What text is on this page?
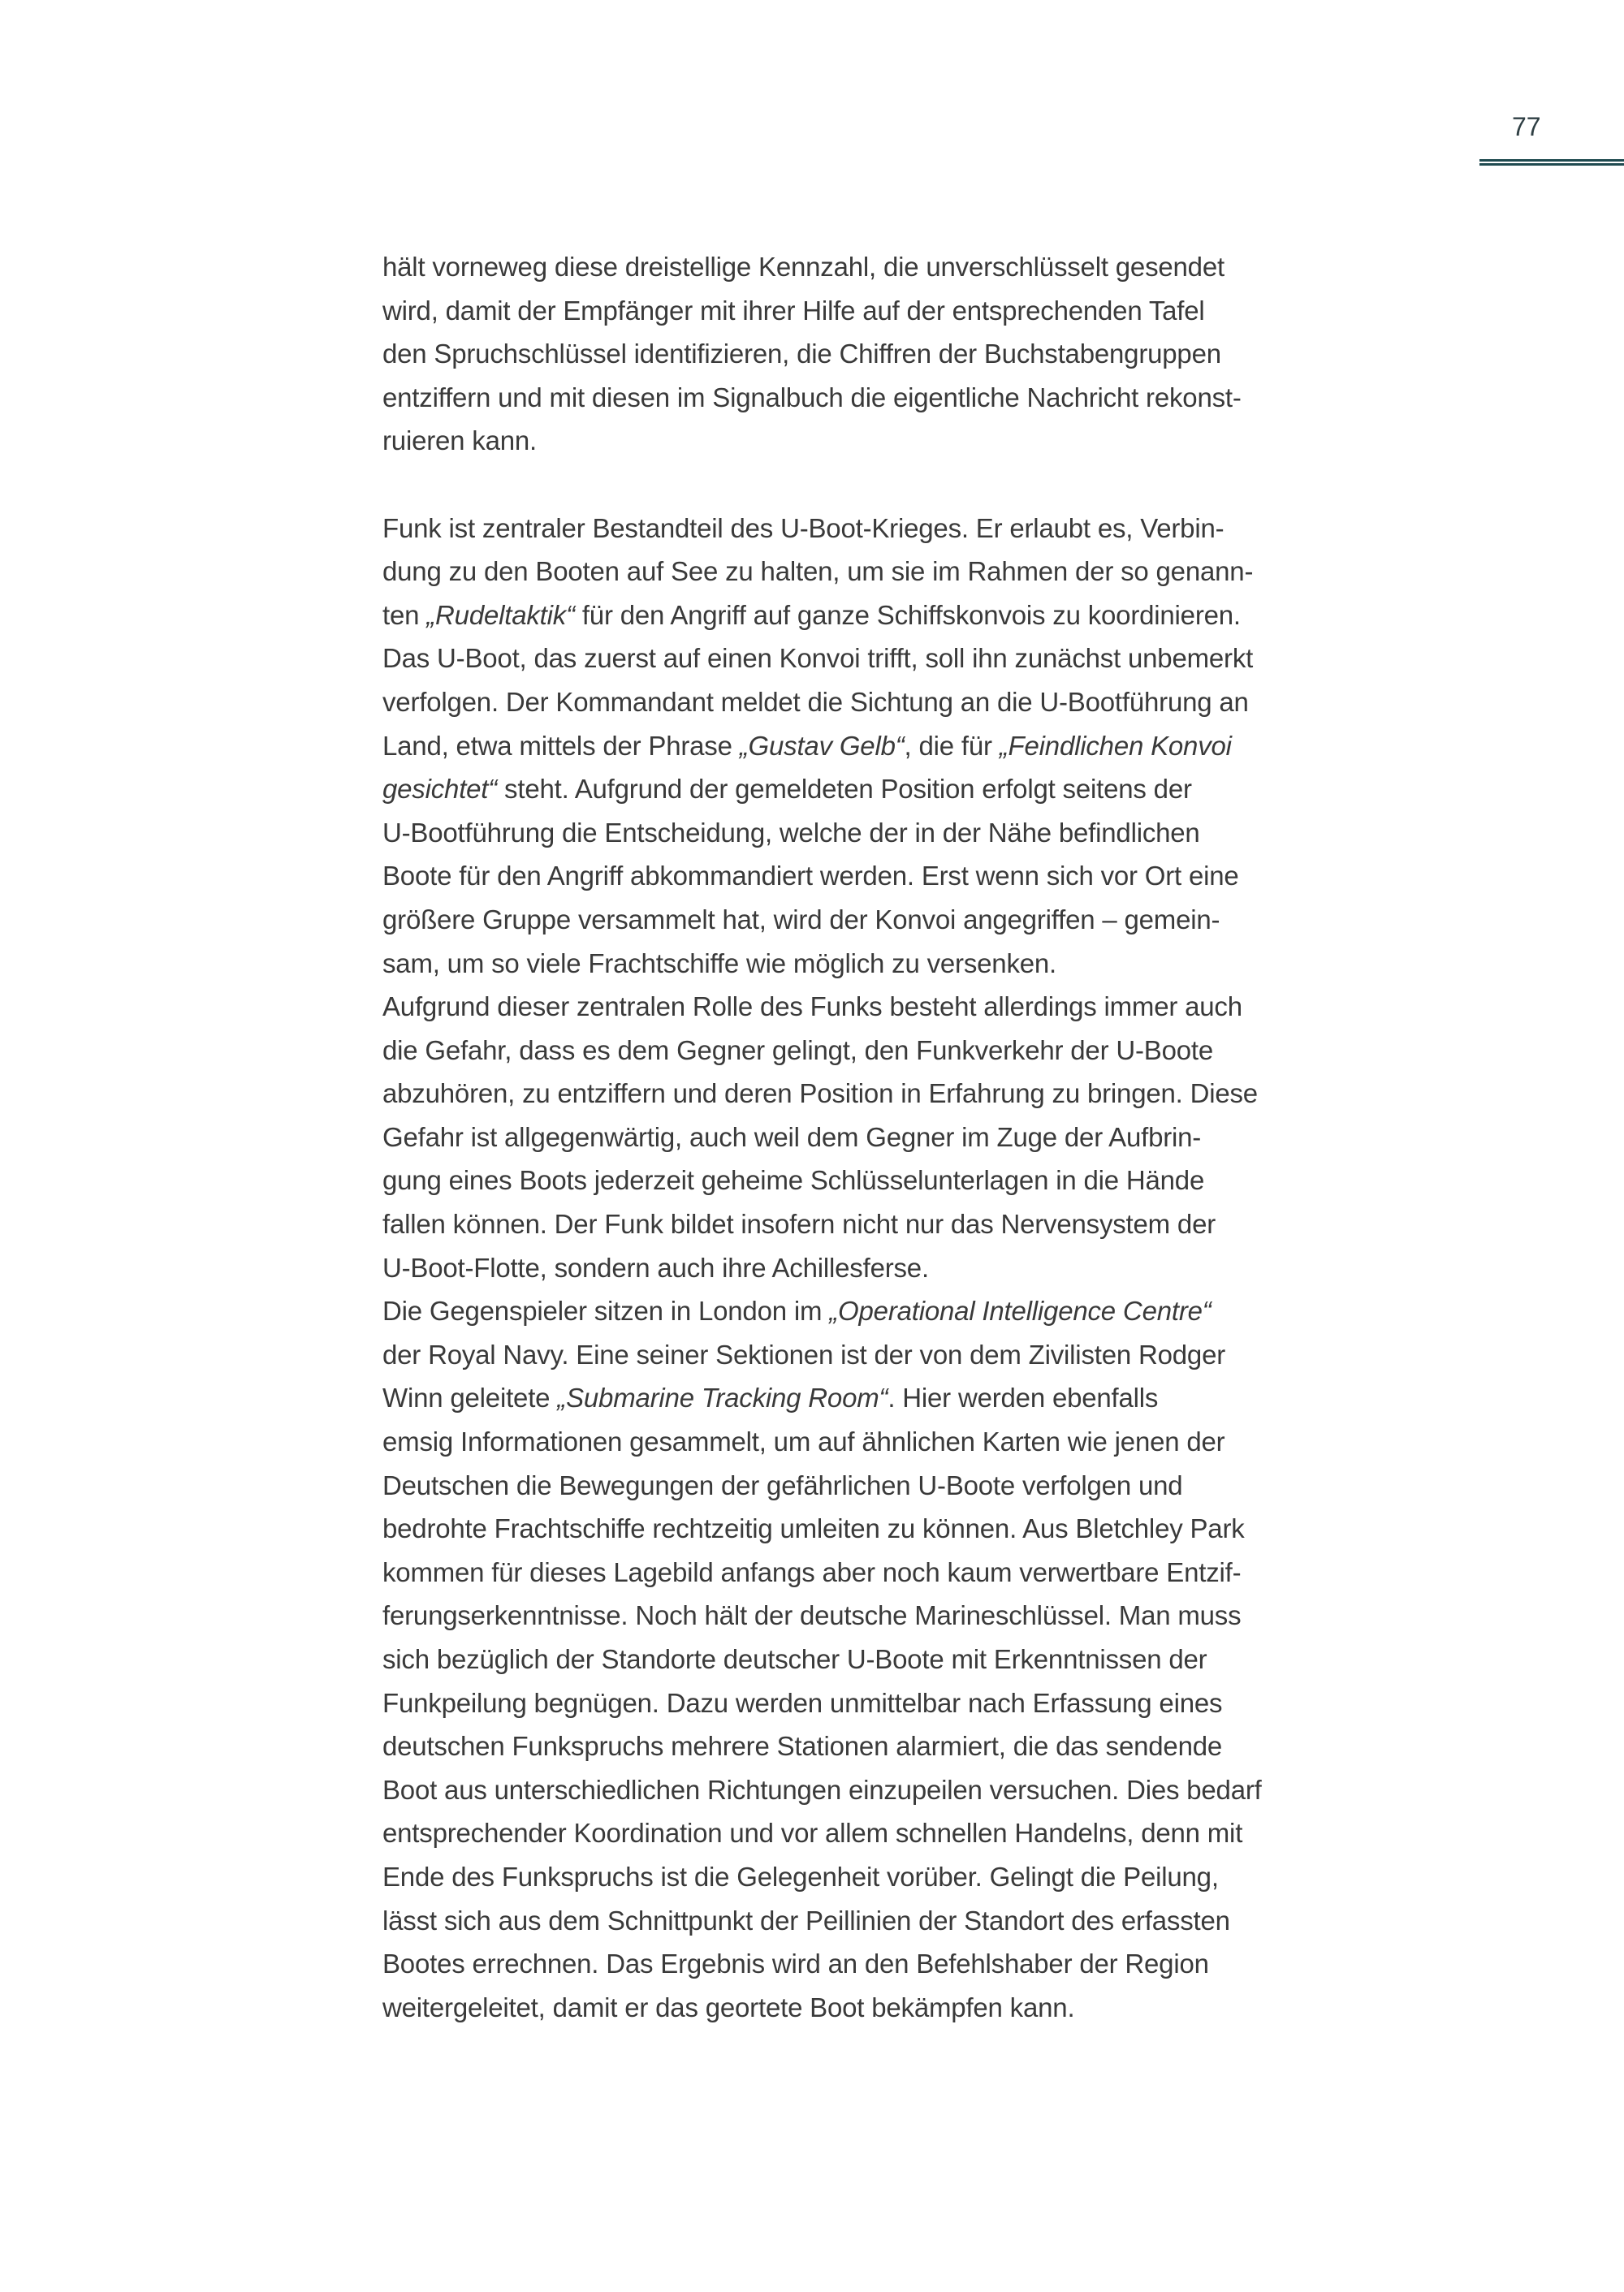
77
hält vorneweg diese dreistellige Kennzahl, die unverschlüsselt gesendet
wird, damit der Empfänger mit ihrer Hilfe auf der entsprechenden Tafel
den Spruchschlüssel identifizieren, die Chiffren der Buchstabengruppen
entziffern und mit diesen im Signalbuch die eigentliche Nachricht rekonst-
ruieren kann.
Funk ist zentraler Bestandteil des U-Boot-Krieges. Er erlaubt es, Verbin-
dung zu den Booten auf See zu halten, um sie im Rahmen der so genann-
ten „Rudeltaktik“ für den Angriff auf ganze Schiffskonvois zu koordinieren.
Das U-Boot, das zuerst auf einen Konvoi trifft, soll ihn zunächst unbemerkt
verfolgen. Der Kommandant meldet die Sichtung an die U-Bootführung an
Land, etwa mittels der Phrase „Gustav Gelb“, die für „Feindlichen Konvoi
gesichtet“ steht. Aufgrund der gemeldeten Position erfolgt seitens der
U-Bootführung die Entscheidung, welche der in der Nähe befindlichen
Boote für den Angriff abkommandiert werden. Erst wenn sich vor Ort eine
größere Gruppe versammelt hat, wird der Konvoi angegriffen – gemein-
sam, um so viele Frachtschiffe wie möglich zu versenken.
Aufgrund dieser zentralen Rolle des Funks besteht allerdings immer auch
die Gefahr, dass es dem Gegner gelingt, den Funkverkehr der U-Boote
abzuhören, zu entziffern und deren Position in Erfahrung zu bringen. Diese
Gefahr ist allgegenwärtig, auch weil dem Gegner im Zuge der Aufbrin-
gung eines Boots jederzeit geheime Schlüsselunterlagen in die Hände
fallen können. Der Funk bildet insofern nicht nur das Nervensystem der
U-Boot-Flotte, sondern auch ihre Achillesferse.
Die Gegenspieler sitzen in London im „Operational Intelligence Centre“
der Royal Navy. Eine seiner Sektionen ist der von dem Zivilisten Rodger
Winn geleitete „Submarine Tracking Room“. Hier werden ebenfalls
emsig Informationen gesammelt, um auf ähnlichen Karten wie jenen der
Deutschen die Bewegungen der gefährlichen U-Boote verfolgen und
bedrohte Frachtschiffe rechtzeitig umleiten zu können. Aus Bletchley Park
kommen für dieses Lagebild anfangs aber noch kaum verwertbare Entzif-
ferungserkenntnisse. Noch hält der deutsche Marineschlüssel. Man muss
sich bezüglich der Standorte deutscher U-Boote mit Erkenntnissen der
Funkpeilung begnügen. Dazu werden unmittelbar nach Erfassung eines
deutschen Funkspruchs mehrere Stationen alarmiert, die das sendende
Boot aus unterschiedlichen Richtungen einzupeilen versuchen. Dies bedarf
entsprechender Koordination und vor allem schnellen Handelns, denn mit
Ende des Funkspruchs ist die Gelegenheit vorüber. Gelingt die Peilung,
lässt sich aus dem Schnittpunkt der Peillinien der Standort des erfassten
Bootes errechnen. Das Ergebnis wird an den Befehlshaber der Region
weitergeleitet, damit er das geortete Boot bekämpfen kann.
